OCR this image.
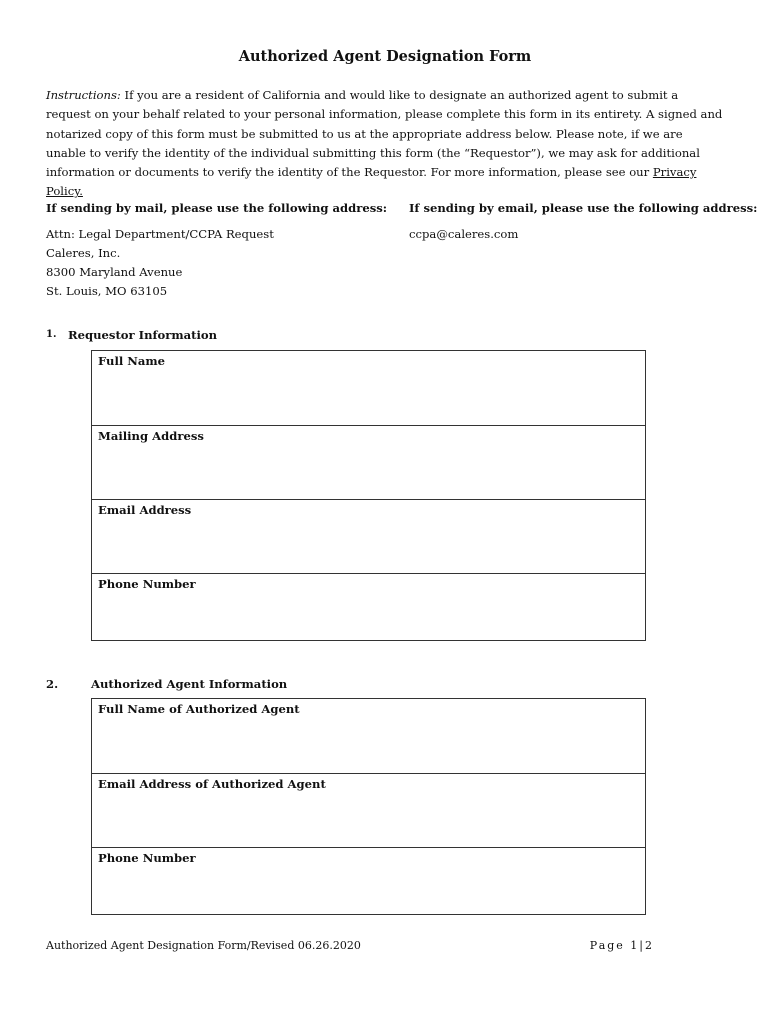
Authorized Agent Designation Form
Instructions: If you are a resident of California and would like to designate an authorized agent to submit a request on your behalf related to your personal information, please complete this form in its entirety. A signed and notarized copy of this form must be submitted to us at the appropriate address below. Please note, if we are unable to verify the identity of the individual submitting this form (the “Requestor”), we may ask for additional information or documents to verify the identity of the Requestor. For more information, please see our Privacy Policy.
If sending by mail, please use the following address: If sending by email, please use the following address:
Attn: Legal Department/CCPA Request
Caleres, Inc.
8300 Maryland Avenue
St. Louis, MO 63105
ccpa@caleres.com
1. Requestor Information
Full Name
Mailing Address
Email Address
Phone Number
2.	Authorized Agent Information
Full Name of Authorized Agent
Email Address of Authorized Agent
Phone Number
Authorized Agent Designation Form/Revised 06.26.2020	Page 1|2
